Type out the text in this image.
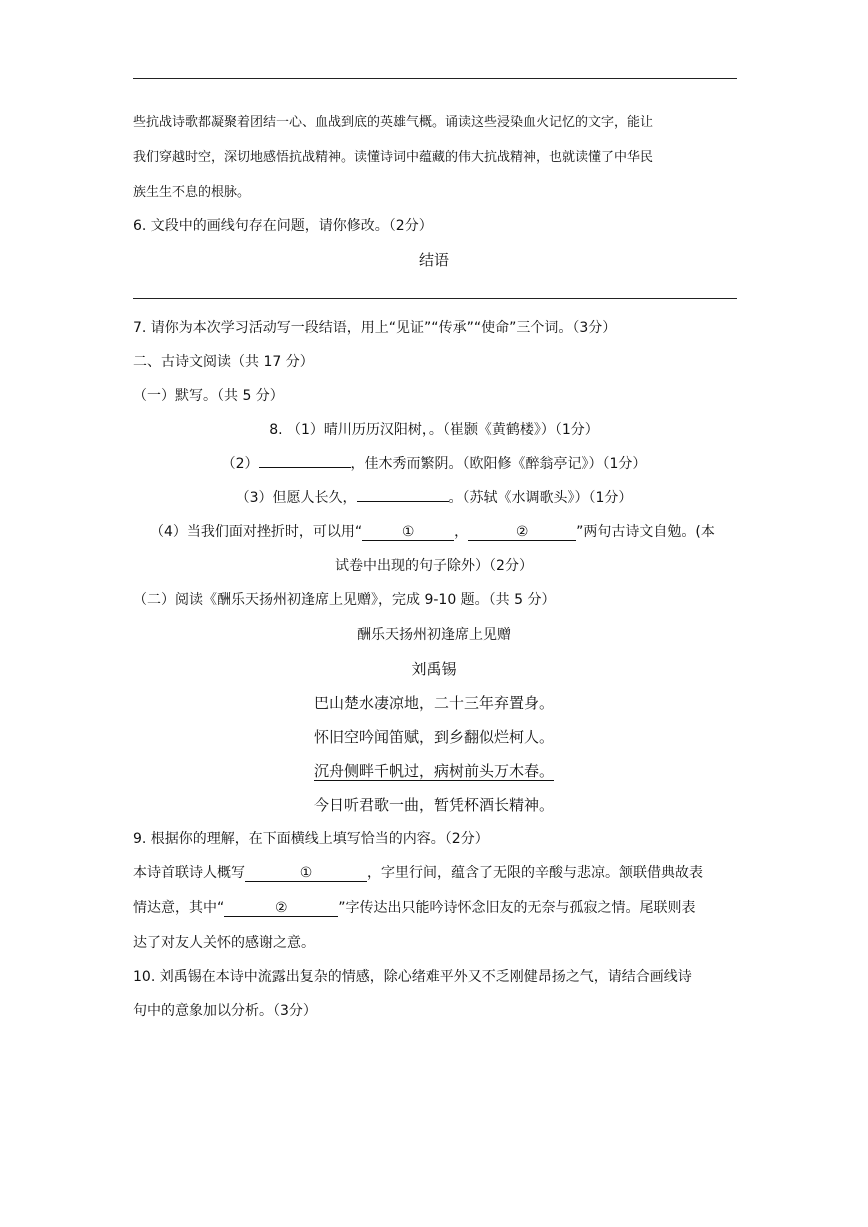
些抗战诗歌都凝聚着团结一心、血战到底的英雄气概。诵读这些浸染血火记忆的文字，能让
我们穿越时空，深切地感悟抗战精神。读懂诗词中蕴藏的伟大抗战精神，也就读懂了中华民
族生生不息的根脉。
6. 文段中的画线句存在问题，请你修改。（2分）
结语
7. 请你为本次学习活动写一段结语，用上“见证”“传承”“使命”三个词。（3分）
二、古诗文阅读（共 17 分）
（一）默写。（共 5 分）
8. （1）晴川历历汉阳树，。（崔颢《黄鹤楼》）（1分）
（2）	，佳木秀而繁阴。（欧阳修《醉翁亭记》）（1分）
（3）但愿人长久，	。（苏轼《水调歌头》）（1分）
（4）当我们面对挫折时，可以用“	①	，	②	”两句古诗文自勉。(本
试卷中出现的句子除外）（2分）
（二）阅读《酬乐天扬州初逢席上见赠》，完成 9-10 题。（共 5 分）
酬乐天扬州初逢席上见赠
刘禹锡
巴山楚水凄凉地，二十三年弃置身。
怀旧空吟闻笛赋，到乡翻似烂柯人。
沉舟侧畔千帆过，病树前头万木春。
今日听君歌一曲，暂凭杯酒长精神。
9. 根据你的理解，在下面横线上填写恰当的内容。（2分）
本诗首联诗人概写	①	，字里行间，蕴含了无限的辛酸与悲凉。颔联借典故表
情达意，其中“	②	”字传达出只能吟诗怀念旧友的无奈与孤寂之情。尾联则表
达了对友人关怀的感谢之意。
10. 刘禹锡在本诗中流露出复杂的情感，除心绪难平外又不乏刚健昂扬之气，请结合画线诗
句中的意象加以分析。（3分）
